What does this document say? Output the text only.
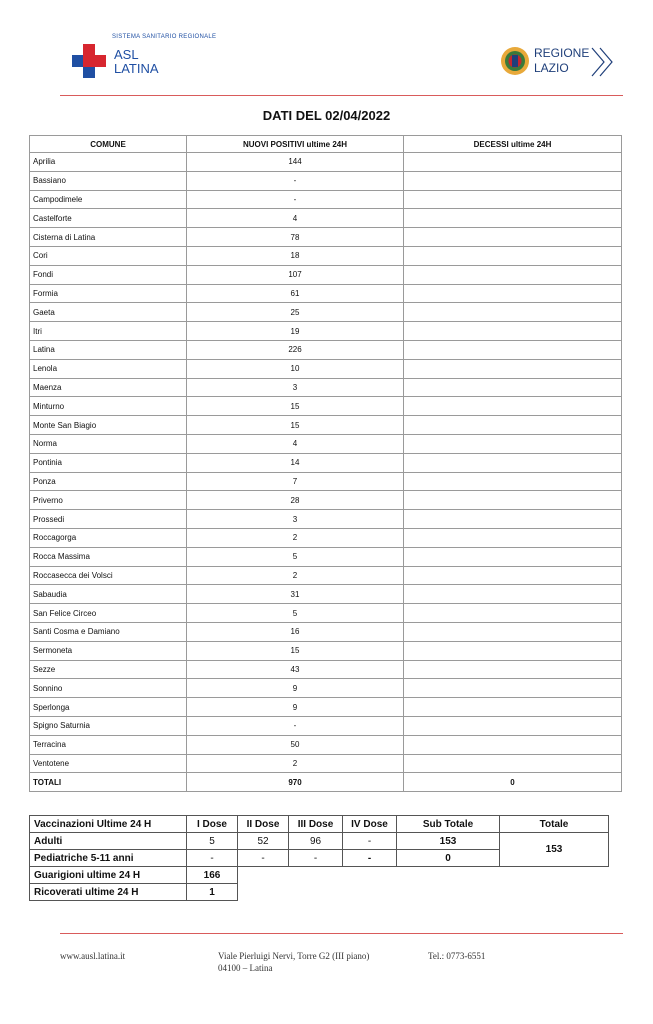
SISTEMA SANITARIO REGIONALE
ASL
LATINA
REGIONE
LAZIO
DATI DEL 02/04/2022
COMUNE	NUOVI POSITIVI ultime 24H	DECESSI ultime 24H
Aprilia	144	
Bassiano	-	
Campodimele	-	
Castelforte	4	
Cisterna di Latina	78	
Cori	18	
Fondi	107	
Formia	61	
Gaeta	25	
Itri	19	
Latina	226	
Lenola	10	
Maenza	3	
Minturno	15	
Monte San Biagio	15	
Norma	4	
Pontinia	14	
Ponza	7	
Priverno	28	
Prossedi	3	
Roccagorga	2	
Rocca Massima	5	
Roccasecca dei Volsci	2	
Sabaudia	31	
San Felice Circeo	5	
Santi Cosma e Damiano	16	
Sermoneta	15	
Sezze	43	
Sonnino	9	
Sperlonga	9	
Spigno Saturnia	-	
Terracina	50	
Ventotene	2	
TOTALI	970	0
Vaccinazioni Ultime 24 H	I Dose	II Dose	III Dose	IV Dose	Sub Totale	Totale
Adulti	5	52	96	-	153	153
Pediatriche 5-11 anni	-	-	-	-	0	
Guarigioni ultime 24 H	166					
Ricoverati ultime 24 H	1					
www.ausl.latina.it	Viale Pierluigi Nervi, Torre G2 (III piano)
04100 – Latina
Tel.: 0773-6551
